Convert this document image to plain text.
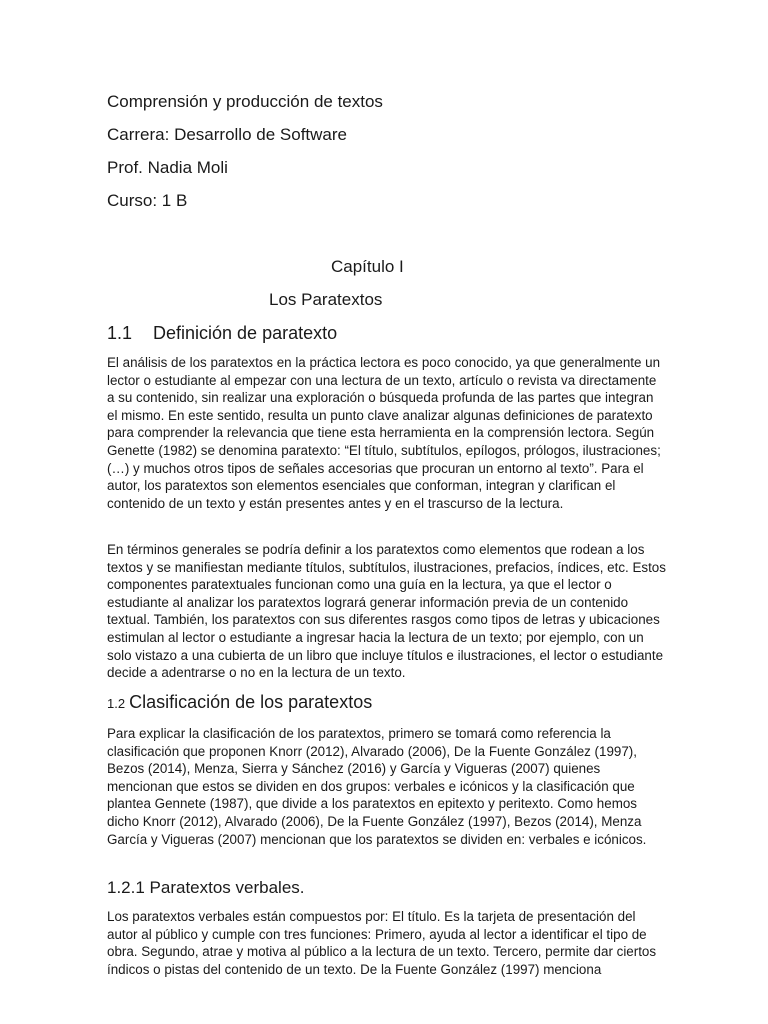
Comprensión y producción de textos
Carrera: Desarrollo de Software
Prof. Nadia Moli
Curso: 1 B
Capítulo I
Los Paratextos
1.1 Definición de paratexto

El análisis de los paratextos en la práctica lectora es poco conocido, ya que generalmente un lector o estudiante al empezar con una lectura de un texto, artículo o revista va directamente a su contenido, sin realizar una exploración o búsqueda profunda de las partes que integran el mismo. En este sentido, resulta un punto clave analizar algunas definiciones de paratexto para comprender la relevancia que tiene esta herramienta en la comprensión lectora. Según Genette (1982) se denomina paratexto: “El título, subtítulos, epílogos, prólogos, ilustraciones; (…) y muchos otros tipos de señales accesorias que procuran un entorno al texto”. Para el autor, los paratextos son elementos esenciales que conforman, integran y clarifican el contenido de un texto y están presentes antes y en el trascurso de la lectura.

En términos generales se podría definir a los paratextos como elementos que rodean a los textos y se manifiestan mediante títulos, subtítulos, ilustraciones, prefacios, índices, etc. Estos componentes paratextuales funcionan como una guía en la lectura, ya que el lector o estudiante al analizar los paratextos logrará generar información previa de un contenido textual. También, los paratextos con sus diferentes rasgos como tipos de letras y ubicaciones estimulan al lector o estudiante a ingresar hacia la lectura de un texto; por ejemplo, con un solo vistazo a una cubierta de un libro que incluye títulos e ilustraciones, el lector o estudiante decide a adentrarse o no en la lectura de un texto.

1.2 Clasificación de los paratextos

Para explicar la clasificación de los paratextos, primero se tomará como referencia la clasificación que proponen Knorr (2012), Alvarado (2006), De la Fuente González (1997), Bezos (2014), Menza, Sierra y Sánchez (2016) y García y Vigueras (2007) quienes mencionan que estos se dividen en dos grupos: verbales e icónicos y la clasificación que plantea Gennete (1987), que divide a los paratextos en epitexto y peritexto. Como hemos dicho Knorr (2012), Alvarado (2006), De la Fuente González (1997), Bezos (2014), Menza García y Vigueras (2007) mencionan que los paratextos se dividen en: verbales e icónicos.

1.2.1 Paratextos verbales.

Los paratextos verbales están compuestos por: El título. Es la tarjeta de presentación del autor al público y cumple con tres funciones: Primero, ayuda al lector a identificar el tipo de obra. Segundo, atrae y motiva al público a la lectura de un texto. Tercero, permite dar ciertos índicos o pistas del contenido de un texto. De la Fuente González (1997) menciona
